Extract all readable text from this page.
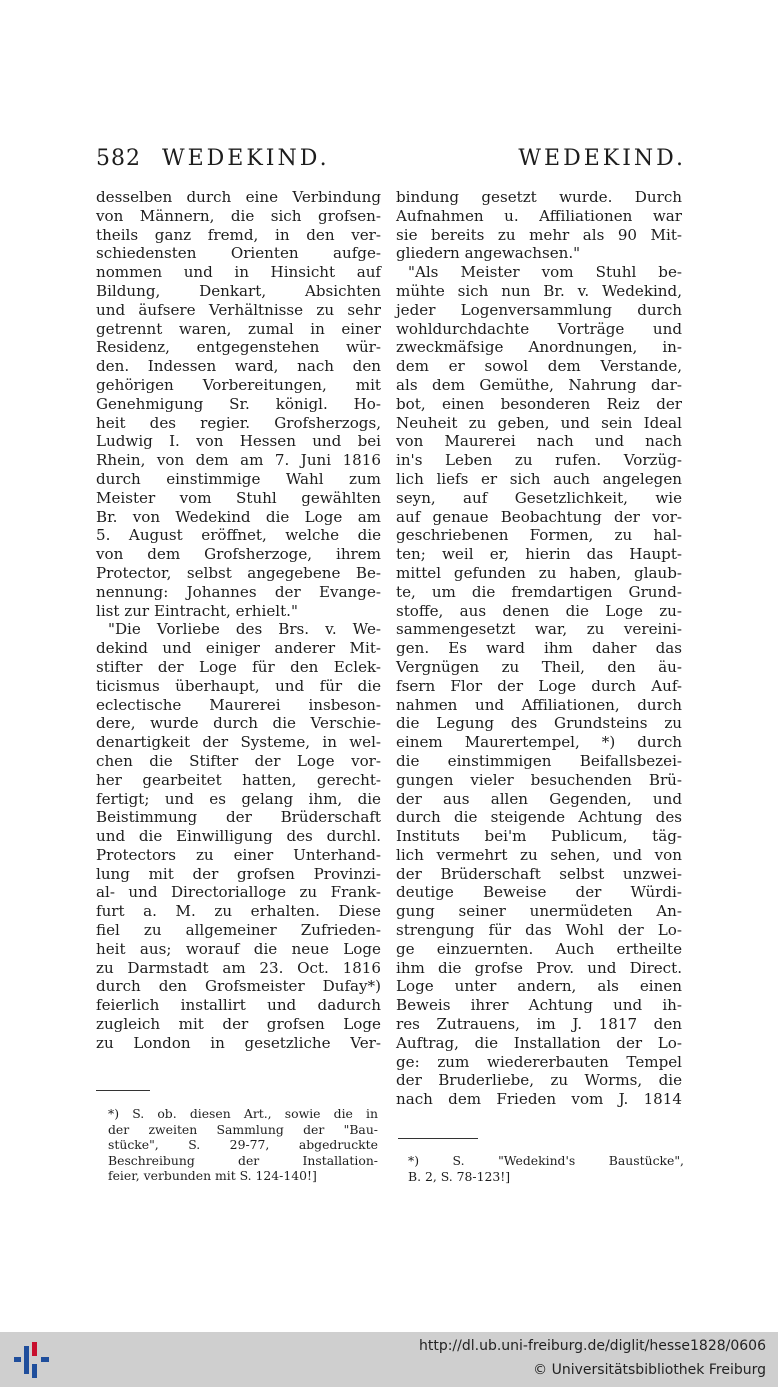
582 WEDEKIND.	WEDEKIND.
desselben durch eine Verbindung
von Männern, die sich grofsen-
theils ganz fremd, in den ver-
schiedensten Orienten aufge-
nommen und in Hinsicht auf
Bildung, Denkart, Absichten
und äufsere Verhältnisse zu sehr
getrennt waren, zumal in einer
Residenz, entgegenstehen wür-
den. Indessen ward, nach den
gehörigen Vorbereitungen, mit
Genehmigung Sr. königl. Ho-
heit des regier. Grofsherzogs,
Ludwig I. von Hessen und bei
Rhein, von dem am 7. Juni 1816
durch einstimmige Wahl zum
Meister vom Stuhl gewählten
Br. von Wedekind die Loge am
5. August eröffnet, welche die
von dem Grofsherzoge, ihrem
Protector, selbst angegebene Be-
nennung: Johannes der Evange-
list zur Eintracht, erhielt."
"Die Vorliebe des Brs. v. We-
dekind und einiger anderer Mit-
stifter der Loge für den Eclek-
ticismus überhaupt, und für die
eclectische Maurerei insbeson-
dere, wurde durch die Verschie-
denartigkeit der Systeme, in wel-
chen die Stifter der Loge vor-
her gearbeitet hatten, gerecht-
fertigt; und es gelang ihm, die
Beistimmung der Brüderschaft
und die Einwilligung des durchl.
Protectors zu einer Unterhand-
lung mit der grofsen Provinzi-
al- und Directorialloge zu Frank-
furt a. M. zu erhalten. Diese
fiel zu allgemeiner Zufrieden-
heit aus; worauf die neue Loge
zu Darmstadt am 23. Oct. 1816
durch den Grofsmeister Dufay*)
feierlich installirt und dadurch
zugleich mit der grofsen Loge
zu London in gesetzliche Ver-
bindung gesetzt wurde. Durch
Aufnahmen u. Affiliationen war
sie bereits zu mehr als 90 Mit-
gliedern angewachsen."
"Als Meister vom Stuhl be-
mühte sich nun Br. v. Wedekind,
jeder Logenversammlung durch
wohldurchdachte Vorträge und
zweckmäfsige Anordnungen, in-
dem er sowol dem Verstande,
als dem Gemüthe, Nahrung dar-
bot, einen besonderen Reiz der
Neuheit zu geben, und sein Ideal
von Maurerei nach und nach
in's Leben zu rufen. Vorzüg-
lich liefs er sich auch angelegen
seyn, auf Gesetzlichkeit, wie
auf genaue Beobachtung der vor-
geschriebenen Formen, zu hal-
ten; weil er, hierin das Haupt-
mittel gefunden zu haben, glaub-
te, um die fremdartigen Grund-
stoffe, aus denen die Loge zu-
sammengesetzt war, zu vereini-
gen. Es ward ihm daher das
Vergnügen zu Theil, den äu-
fsern Flor der Loge durch Auf-
nahmen und Affiliationen, durch
die Legung des Grundsteins zu
einem Maurertempel, *) durch
die einstimmigen Beifallsbezei-
gungen vieler besuchenden Brü-
der aus allen Gegenden, und
durch die steigende Achtung des
Instituts bei'm Publicum, täg-
lich vermehrt zu sehen, und von
der Brüderschaft selbst unzwei-
deutige Beweise der Würdi-
gung seiner unermüdeten An-
strengung für das Wohl der Lo-
ge einzuernten. Auch ertheilte
ihm die grofse Prov. und Direct.
Loge unter andern, als einen
Beweis ihrer Achtung und ih-
res Zutrauens, im J. 1817 den
Auftrag, die Installation der Lo-
ge: zum wiedererbauten Tempel
der Bruderliebe, zu Worms, die
nach dem Frieden vom J. 1814
*) S. ob. diesen Art., sowie die in
der zweiten Sammlung der "Bau-
stücke", S. 29-77, abgedruckte
Beschreibung der Installation-
feier, verbunden mit S. 124-140!]
*) S. "Wedekind's Baustücke",
B. 2, S. 78-123!]
http://dl.ub.uni-freiburg.de/diglit/hesse1828/0606
© Universitätsbibliothek Freiburg
